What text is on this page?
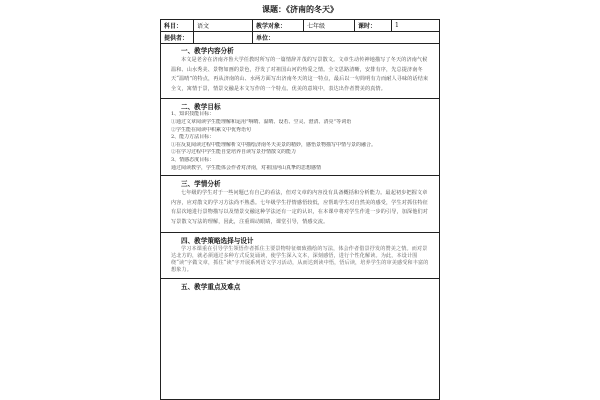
课题：《济南的冬天》
科目：	语文	教学对象：	七年级	课时：	1
提供者：		单位：			
一、教学内容分析
本文是老舍在济南齐鲁大学任教时所写的一篇情辞并茂的写景散文。文章生动传神地描写了冬天的济南气候温和、山水秀美、景物如画的景色，抒发了对祖国山河的热爱之情。全文思路清晰，安排有序，先总提济南冬天“温晴”的特点，再从济南的山、水两方面写出济南冬天的这一特点，最后以一句简明有力而耐人寻味的话结束全文，寓情于景，情景交融是本文写作的一个特点。优美的意境中，表达出作者赞美的真情。
二、教学目标
1、知识技能目标：
①通过文章阅读学生能理解和运用“响晴、温晴、设若、空灵、澄清、清亮”等词语
②学生能在阅读中积累文中优秀语句
2、能力方法目标：
①在反复阅读过程中能理解析文中描绘济南冬天美景的精妙，感悟景物描写中情与景的融合。
②在学习过程中学生能自觉培养自读写景抒情散文的能力
3、情感态度目标：
通过阅读教学，学生能体会作者对济南，对祖国河山真挚的思想感情
三、学情分析
七年级的学生对于一些问题已有自己的看法，但对文章的内容没有具备概括和分析能力。最起初步把握文章内容，应对散文的学习方法尚不熟悉。七年级学生抒情感悟较低，应帮助学生对自然美的感受，学生对抓住特征有层次地进行景物描写以及情景交融这种学法还有一定的认识，在本课中将对学生作进一步的引导，加深他们对写景散文写法的理解，因此，注重调动眼睛，课堂引导，情感交流。
四、教学策略选择与设计
学习本课重在引导学生领悟作者抓住主要景物特征细致描绘的写法，体会作者借景抒发的赞美之情。而对景达北方的，就必须通过多种方式反复诵读，使学生深入文本，深刻感悟，进行个性化解读。为此，本设计围绕“读”字做文章，抓住“读”字开展系列语文学习活动，从而达到读中悟，悟后读，培养学生的审美感受和丰富的想象力。
五、教学重点及难点
